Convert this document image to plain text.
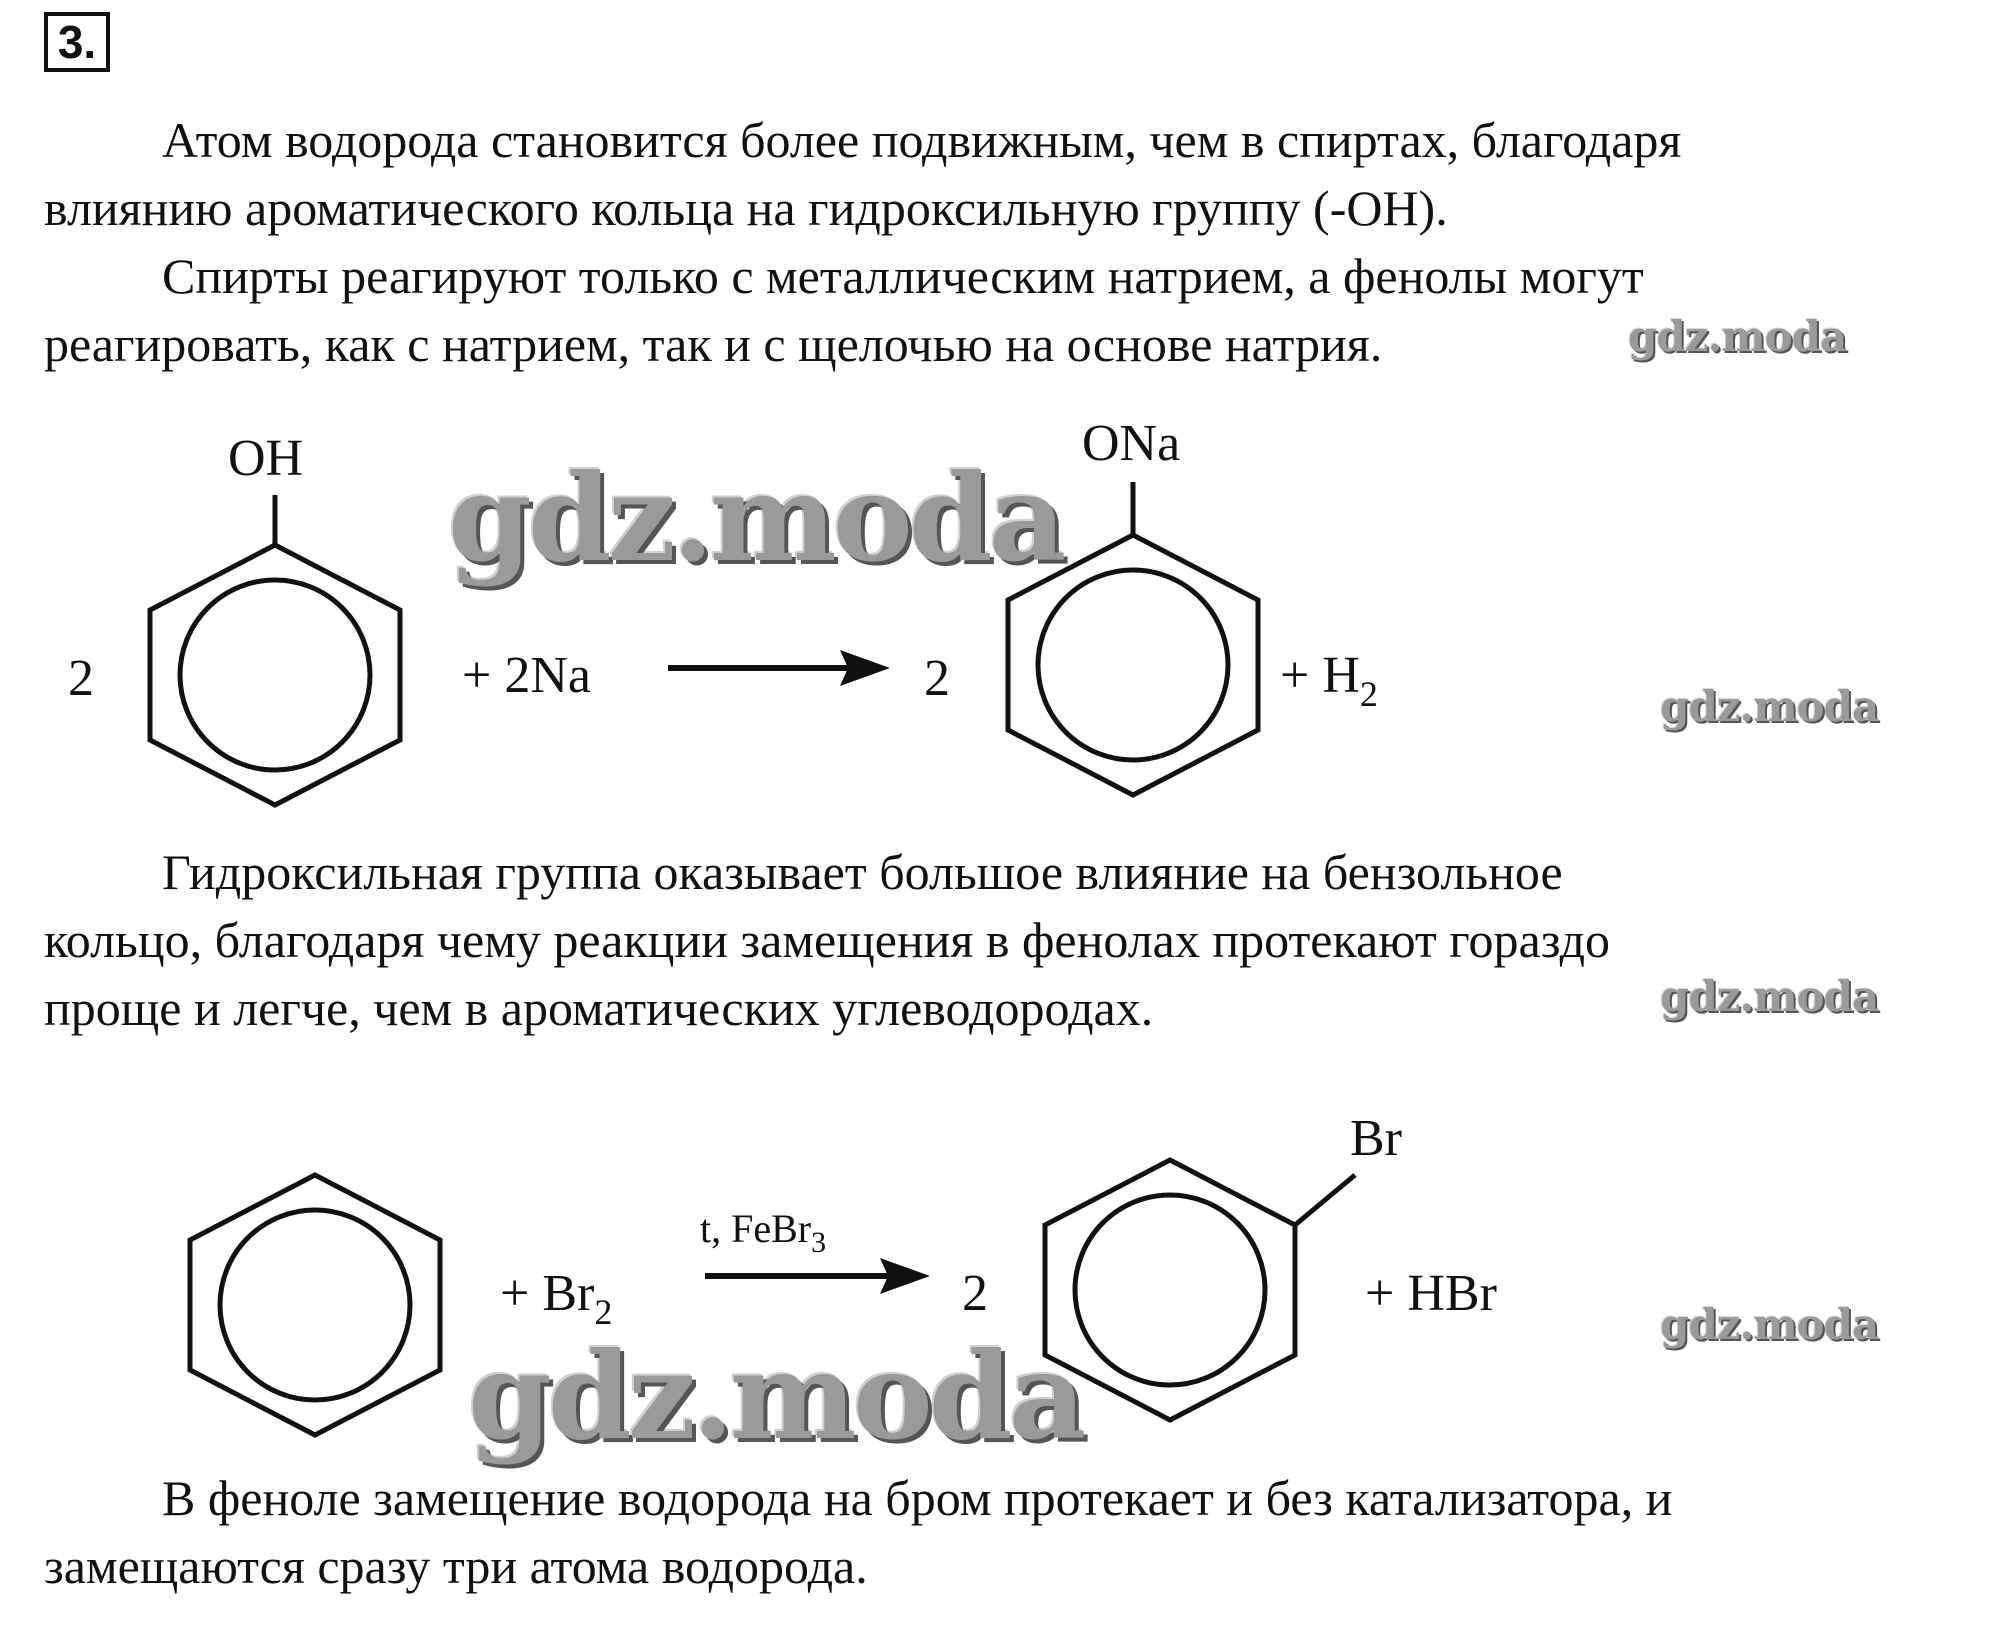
3.

Атом водорода становится более подвижным, чем в спиртах, благодаря
влиянию ароматического кольца на гидроксильную группу (-ОН).

Спирты реагируют только с металлическим натрием, а фенолы могут
реагировать, как с натрием, так и с щелочью на основе натрия.	gdz.moda
2
OH
+ 2Na	2
ONa
+ $H_2$
gdz.moda
gdz.moda

Гидроксильная группа оказывает большое влияние на бензольное
кольцо, благодаря чему реакции замещения в фенолах протекают гораздо
проще и легче, чем в ароматических углеводородах.	gdz.moda
+ $Br_2$
t, FeBr$_3$
2
Br
+ HBr
gdz.moda
gdz.moda

В феноле замещение водорода на бром протекает и без катализатора, и
замещаются сразу три атома водорода.
